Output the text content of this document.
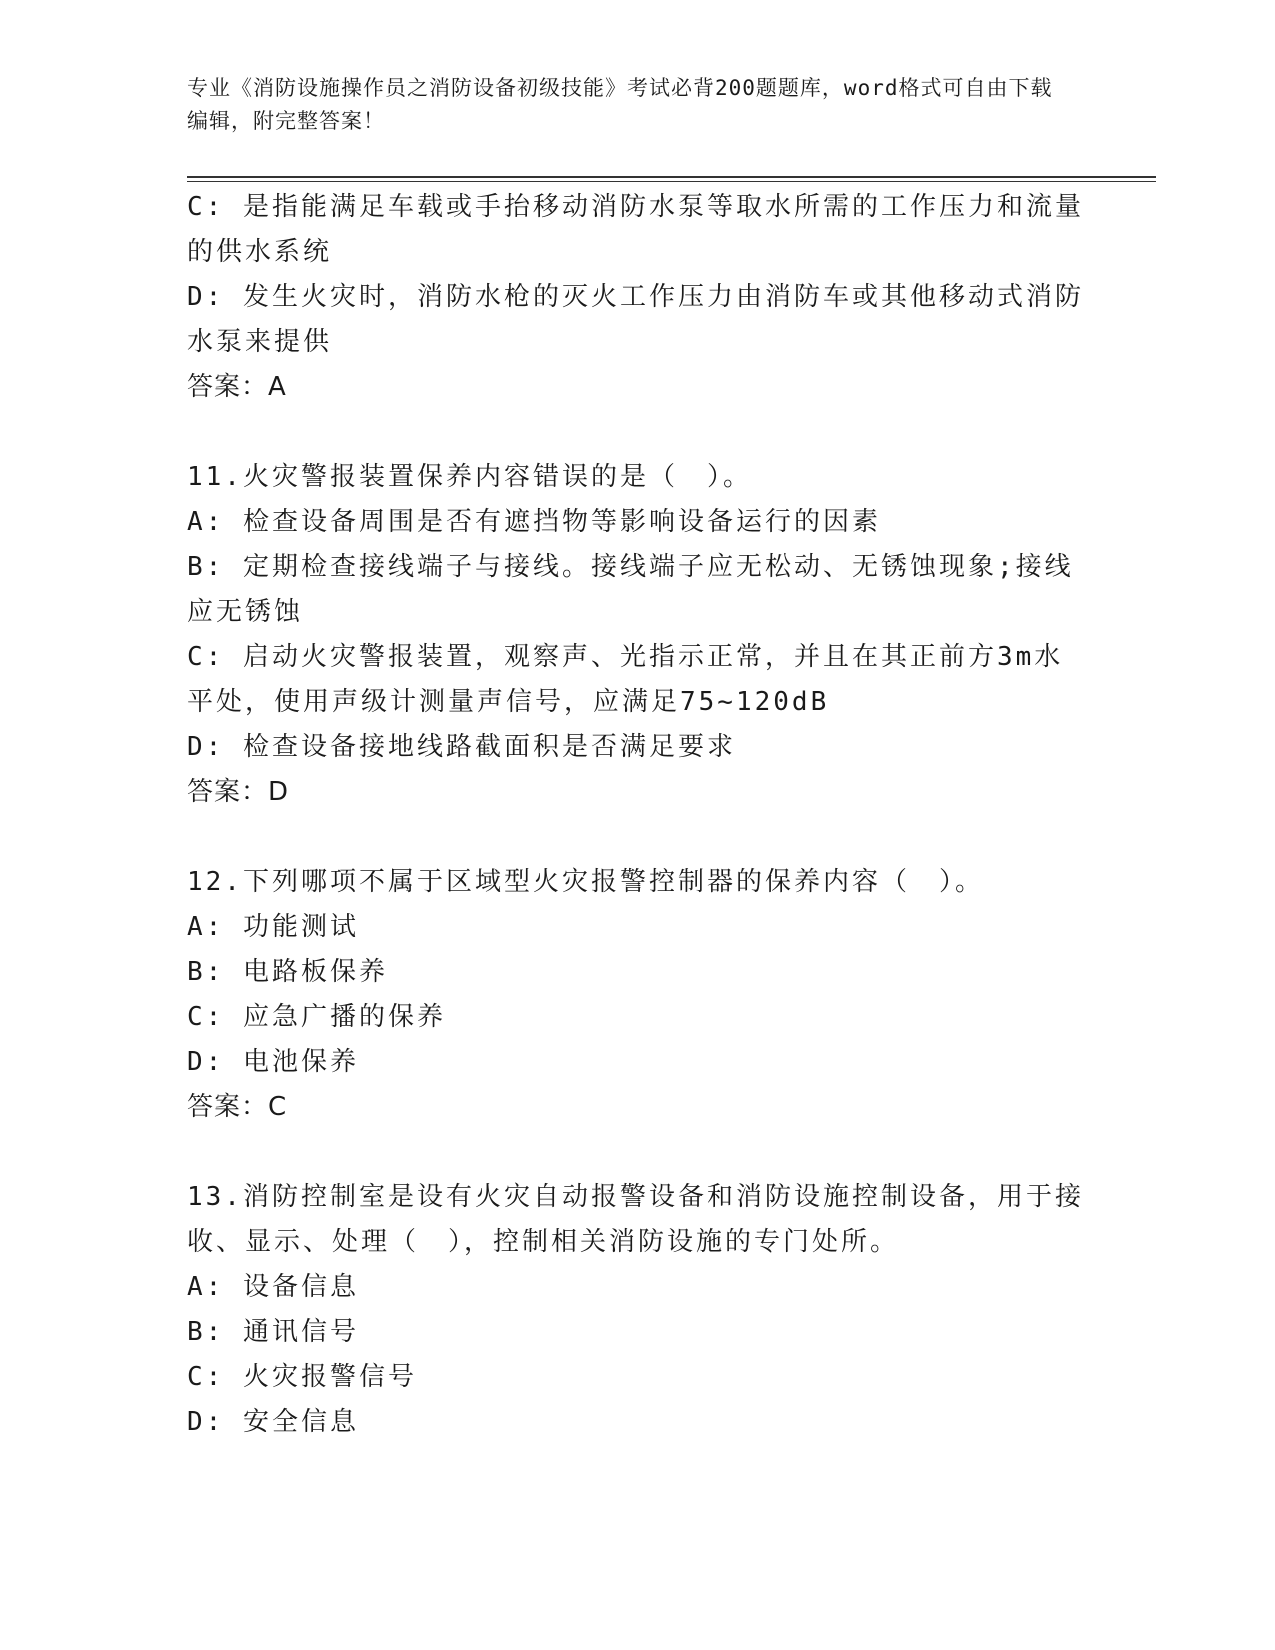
专业《消防设施操作员之消防设备初级技能》考试必背200题题库，word格式可自由下载编辑，附完整答案！

C: 是指能满足车载或手抬移动消防水泵等取水所需的工作压力和流量的供水系统

D: 发生火灾时，消防水枪的灭火工作压力由消防车或其他移动式消防水泵来提供

答案：A

11.火灾警报装置保养内容错误的是（　）。

A: 检查设备周围是否有遮挡物等影响设备运行的因素

B: 定期检查接线端子与接线。接线端子应无松动、无锈蚀现象;接线应无锈蚀

C: 启动火灾警报装置，观察声、光指示正常，并且在其正前方3m水平处，使用声级计测量声信号，应满足75~120dB

D: 检查设备接地线路截面积是否满足要求

答案：D

12.下列哪项不属于区域型火灾报警控制器的保养内容（　）。

A: 功能测试

B: 电路板保养

C: 应急广播的保养

D: 电池保养

答案：C

13.消防控制室是设有火灾自动报警设备和消防设施控制设备，用于接收、显示、处理（　），控制相关消防设施的专门处所。

A: 设备信息

B: 通讯信号

C: 火灾报警信号

D: 安全信息
